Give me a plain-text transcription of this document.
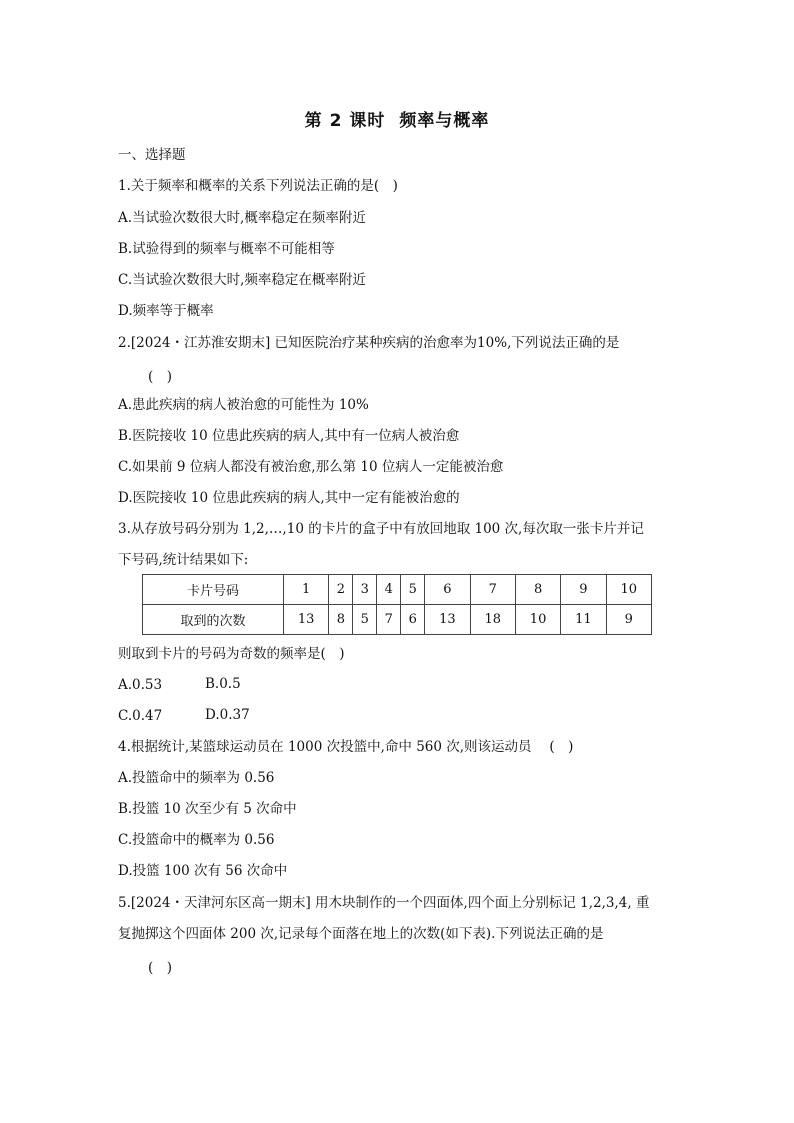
第 2 课时 频率与概率
一、选择题
1.关于频率和概率的关系下列说法正确的是(　)
A.当试验次数很大时,概率稳定在频率附近
B.试验得到的频率与概率不可能相等
C.当试验次数很大时,频率稳定在概率附近
D.频率等于概率
2.[2024・江苏淮安期末] 已知医院治疗某种疾病的治愈率为10%,下列说法正确的是
(　)
A.患此疾病的病人被治愈的可能性为 10%
B.医院接收 10 位患此疾病的病人,其中有一位病人被治愈
C.如果前 9 位病人都没有被治愈,那么第 10 位病人一定能被治愈
D.医院接收 10 位患此疾病的病人,其中一定有能被治愈的
3.从存放号码分别为 1,2,…,10 的卡片的盒子中有放回地取 100 次,每次取一张卡片并记
下号码,统计结果如下:
卡片号码	1	2	3	4	5	6	7	8	9	10
取到的次数	13	8	5	7	6	13	18	10	11	9
则取到卡片的号码为奇数的频率是(　)
A.0.53	B.0.5
C.0.47	D.0.37
4.根据统计,某篮球运动员在 1000 次投篮中,命中 560 次,则该运动员　 (　)
A.投篮命中的频率为 0.56
B.投篮 10 次至少有 5 次命中
C.投篮命中的概率为 0.56
D.投篮 100 次有 56 次命中
5.[2024・天津河东区高一期末] 用木块制作的一个四面体,四个面上分别标记 1,2,3,4, 重
复抛掷这个四面体 200 次,记录每个面落在地上的次数(如下表).下列说法正确的是
(　)
